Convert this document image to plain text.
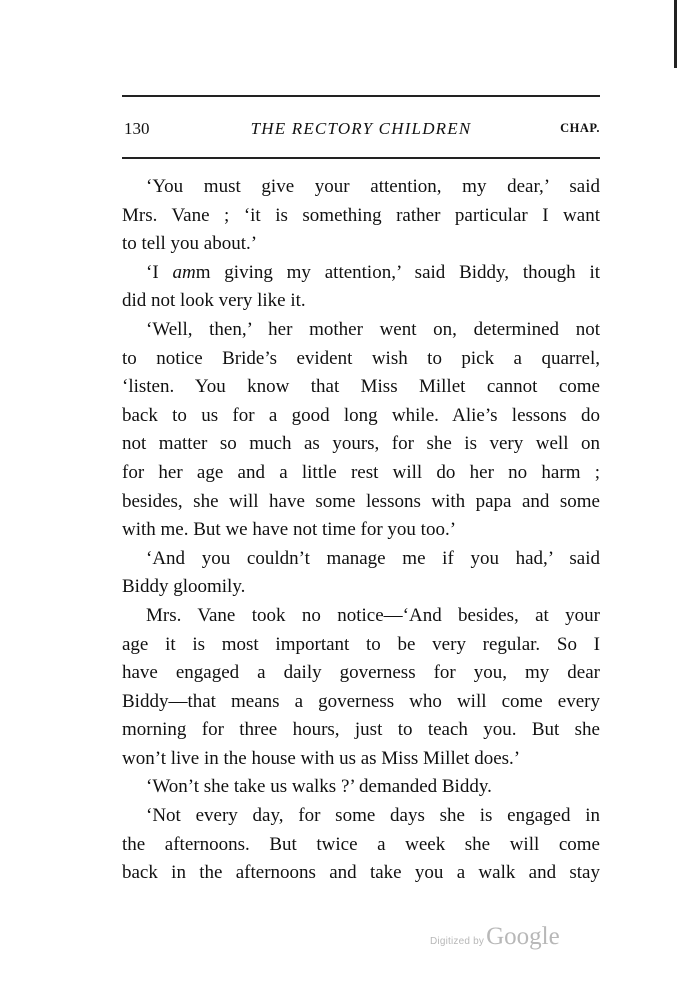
130	THE RECTORY CHILDREN	CHAP.
‘You must give your attention, my dear,’ said
Mrs. Vane ; ‘it is something rather particular I want
to tell you about.’
‘I amm giving my attention,’ said Biddy, though it
did not look very like it.
‘Well, then,’ her mother went on, determined not
to notice Bride’s evident wish to pick a quarrel,
‘listen. You know that Miss Millet cannot come
back to us for a good long while. Alie’s lessons do
not matter so much as yours, for she is very well on
for her age and a little rest will do her no harm ;
besides, she will have some lessons with papa and some
with me. But we have not time for you too.’
‘And you couldn’t manage me if you had,’ said
Biddy gloomily.
Mrs. Vane took no notice—‘And besides, at your
age it is most important to be very regular. So I
have engaged a daily governess for you, my dear
Biddy—that means a governess who will come every
morning for three hours, just to teach you. But she
won’t live in the house with us as Miss Millet does.’
‘Won’t she take us walks ?’ demanded Biddy.
‘Not every day, for some days she is engaged in
the afternoons. But twice a week she will come
back in the afternoons and take you a walk and stay
Digitized byGoogle
